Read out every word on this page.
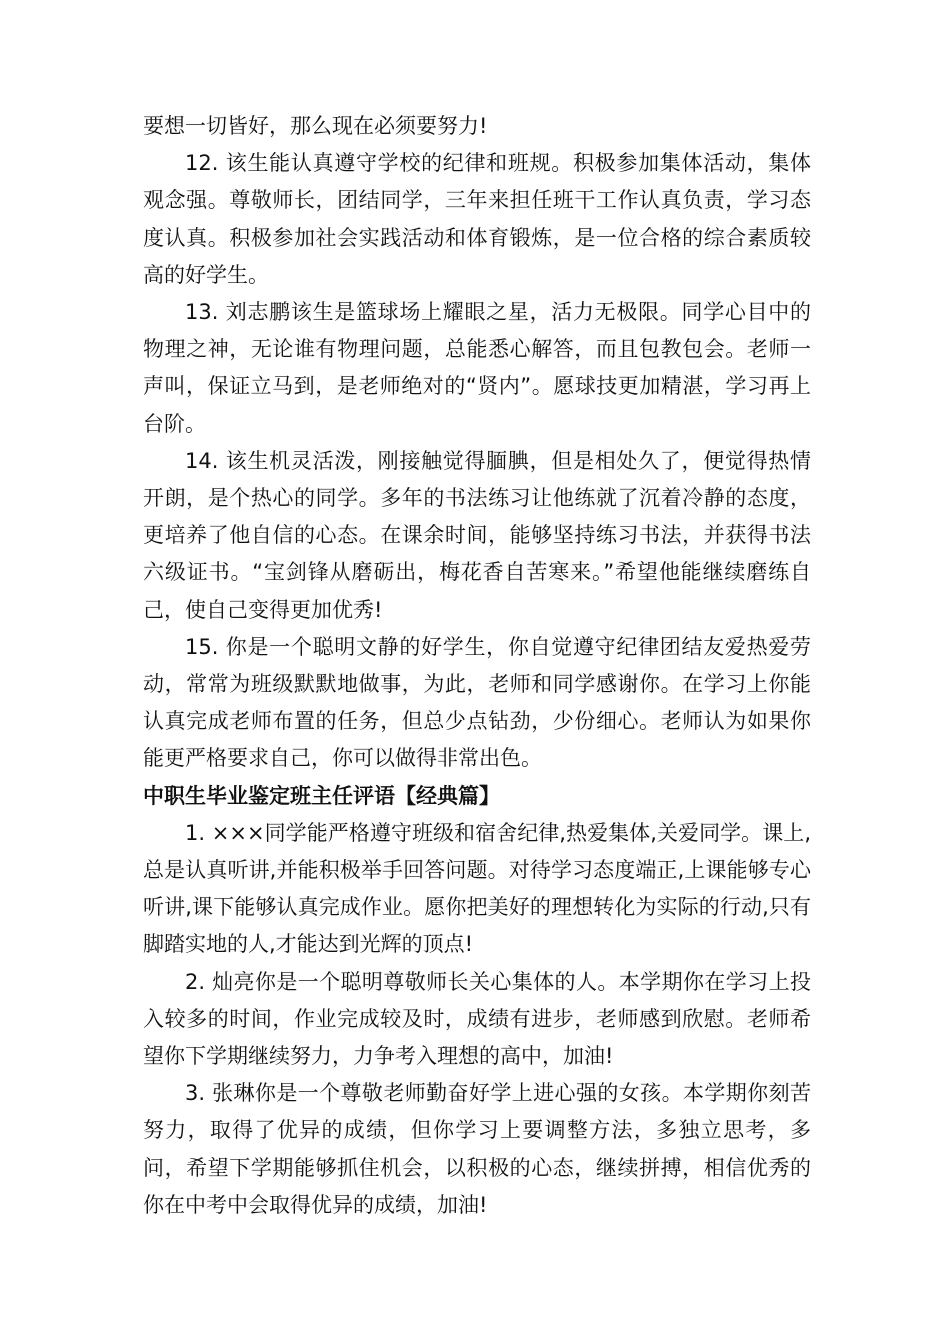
要想一切皆好，那么现在必须要努力!

12. 该生能认真遵守学校的纪律和班规。积极参加集体活动，集体观念强。尊敬师长，团结同学，三年来担任班干工作认真负责，学习态度认真。积极参加社会实践活动和体育锻炼，是一位合格的综合素质较高的好学生。

13. 刘志鹏该生是篮球场上耀眼之星，活力无极限。同学心目中的物理之神，无论谁有物理问题，总能悉心解答，而且包教包会。老师一声叫，保证立马到，是老师绝对的“贤内”。愿球技更加精湛，学习再上台阶。

14. 该生机灵活泼，刚接触觉得腼腆，但是相处久了，便觉得热情开朗，是个热心的同学。多年的书法练习让他练就了沉着冷静的态度，更培养了他自信的心态。在课余时间，能够坚持练习书法，并获得书法六级证书。“宝剑锋从磨砺出，梅花香自苦寒来。”希望他能继续磨练自己，使自己变得更加优秀!

15. 你是一个聪明文静的好学生，你自觉遵守纪律团结友爱热爱劳动，常常为班级默默地做事，为此，老师和同学感谢你。在学习上你能认真完成老师布置的任务，但总少点钻劲，少份细心。老师认为如果你能更严格要求自己，你可以做得非常出色。

中职生毕业鉴定班主任评语【经典篇】

1. ×××同学能严格遵守班级和宿舍纪律,热爱集体,关爱同学。课上,总是认真听讲,并能积极举手回答问题。对待学习态度端正,上课能够专心听讲,课下能够认真完成作业。愿你把美好的理想转化为实际的行动,只有脚踏实地的人,才能达到光辉的顶点!

2. 灿亮你是一个聪明尊敬师长关心集体的人。本学期你在学习上投入较多的时间，作业完成较及时，成绩有进步，老师感到欣慰。老师希望你下学期继续努力，力争考入理想的高中，加油!

3. 张琳你是一个尊敬老师勤奋好学上进心强的女孩。本学期你刻苦努力，取得了优异的成绩，但你学习上要调整方法，多独立思考，多问，希望下学期能够抓住机会，以积极的心态，继续拼搏，相信优秀的你在中考中会取得优异的成绩，加油!
